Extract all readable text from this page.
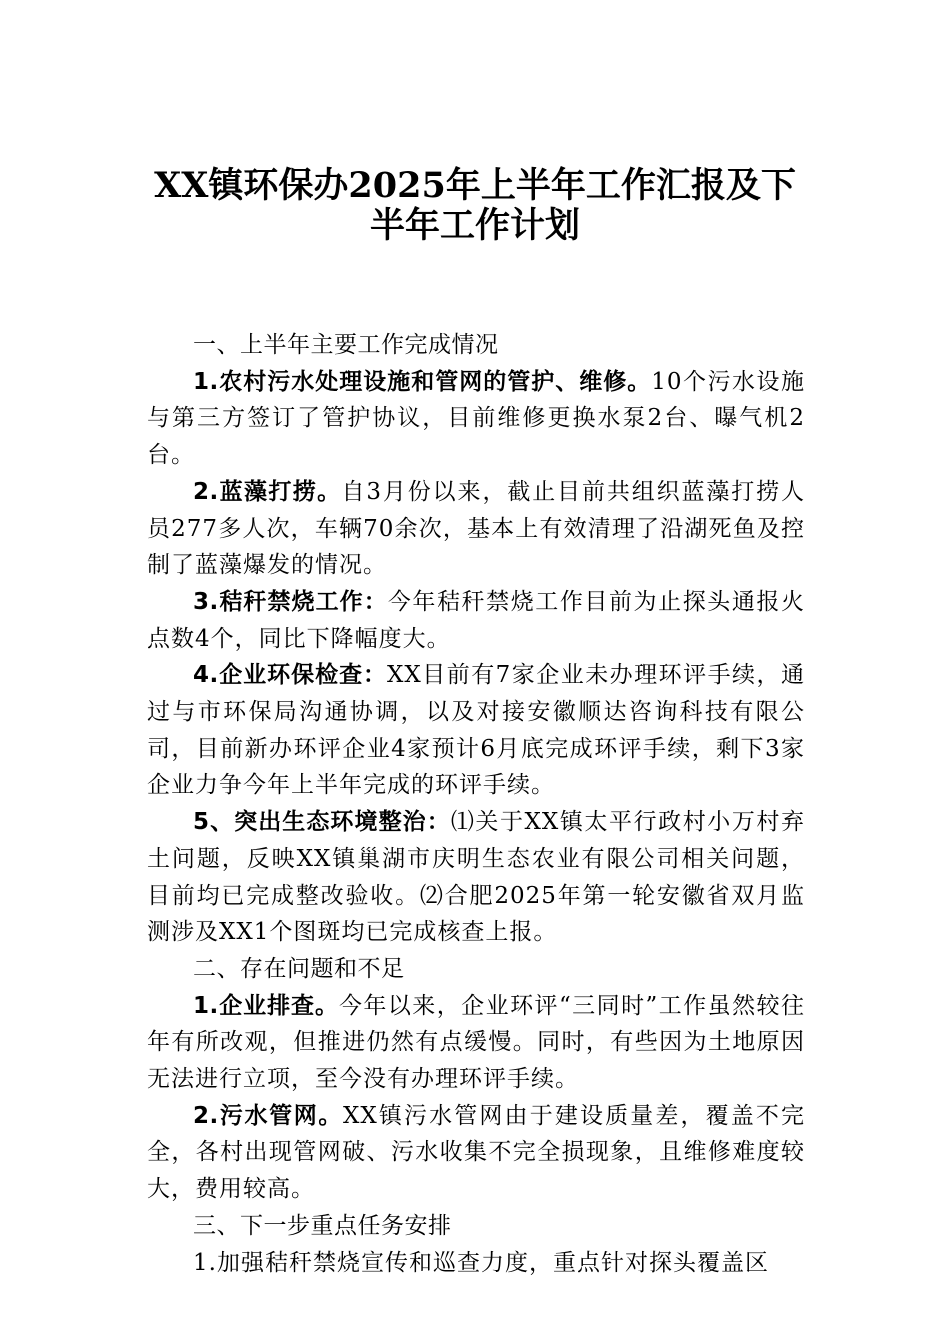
XX镇环保办2025年上半年工作汇报及下
半年工作计划

一、上半年主要工作完成情况

1.农村污水处理设施和管网的管护、维修。10个污水设施与第三方签订了管护协议，目前维修更换水泵2台、曝气机2台。

2.蓝藻打捞。自3月份以来，截止目前共组织蓝藻打捞人员277多人次，车辆70余次，基本上有效清理了沿湖死鱼及控制了蓝藻爆发的情况。

3.秸秆禁烧工作：今年秸秆禁烧工作目前为止探头通报火点数4个，同比下降幅度大。

4.企业环保检查：XX目前有7家企业未办理环评手续，通过与市环保局沟通协调，以及对接安徽顺达咨询科技有限公司，目前新办环评企业4家预计6月底完成环评手续，剩下3家企业力争今年上半年完成的环评手续。

5、突出生态环境整治：⑴关于XX镇太平行政村小万村弃土问题，反映XX镇巢湖市庆明生态农业有限公司相关问题，目前均已完成整改验收。⑵合肥2025年第一轮安徽省双月监测涉及XX1个图斑均已完成核查上报。

二、存在问题和不足

1.企业排查。今年以来，企业环评“三同时”工作虽然较往年有所改观，但推进仍然有点缓慢。同时，有些因为土地原因无法进行立项，至今没有办理环评手续。

2.污水管网。XX镇污水管网由于建设质量差，覆盖不完全，各村出现管网破、污水收集不完全损现象，且维修难度较大，费用较高。

三、下一步重点任务安排

1.加强秸秆禁烧宣传和巡查力度，重点针对探头覆盖区
